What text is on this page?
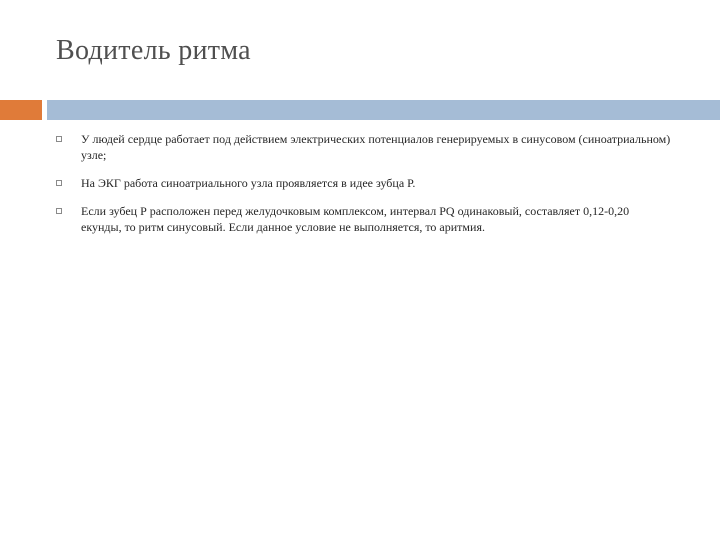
Водитель ритма
У людей сердце работает под действием электрических потенциалов генерируемых в синусовом (синоатриальном) узле;
На ЭКГ работа синоатриального узла проявляется в идее зубца Р.
Если зубец Р расположен перед желудочковым комплексом, интервал PQ одинаковый, составляет 0,12-0,20 екунды, то ритм синусовый. Если данное условие не выполняется, то аритмия.
